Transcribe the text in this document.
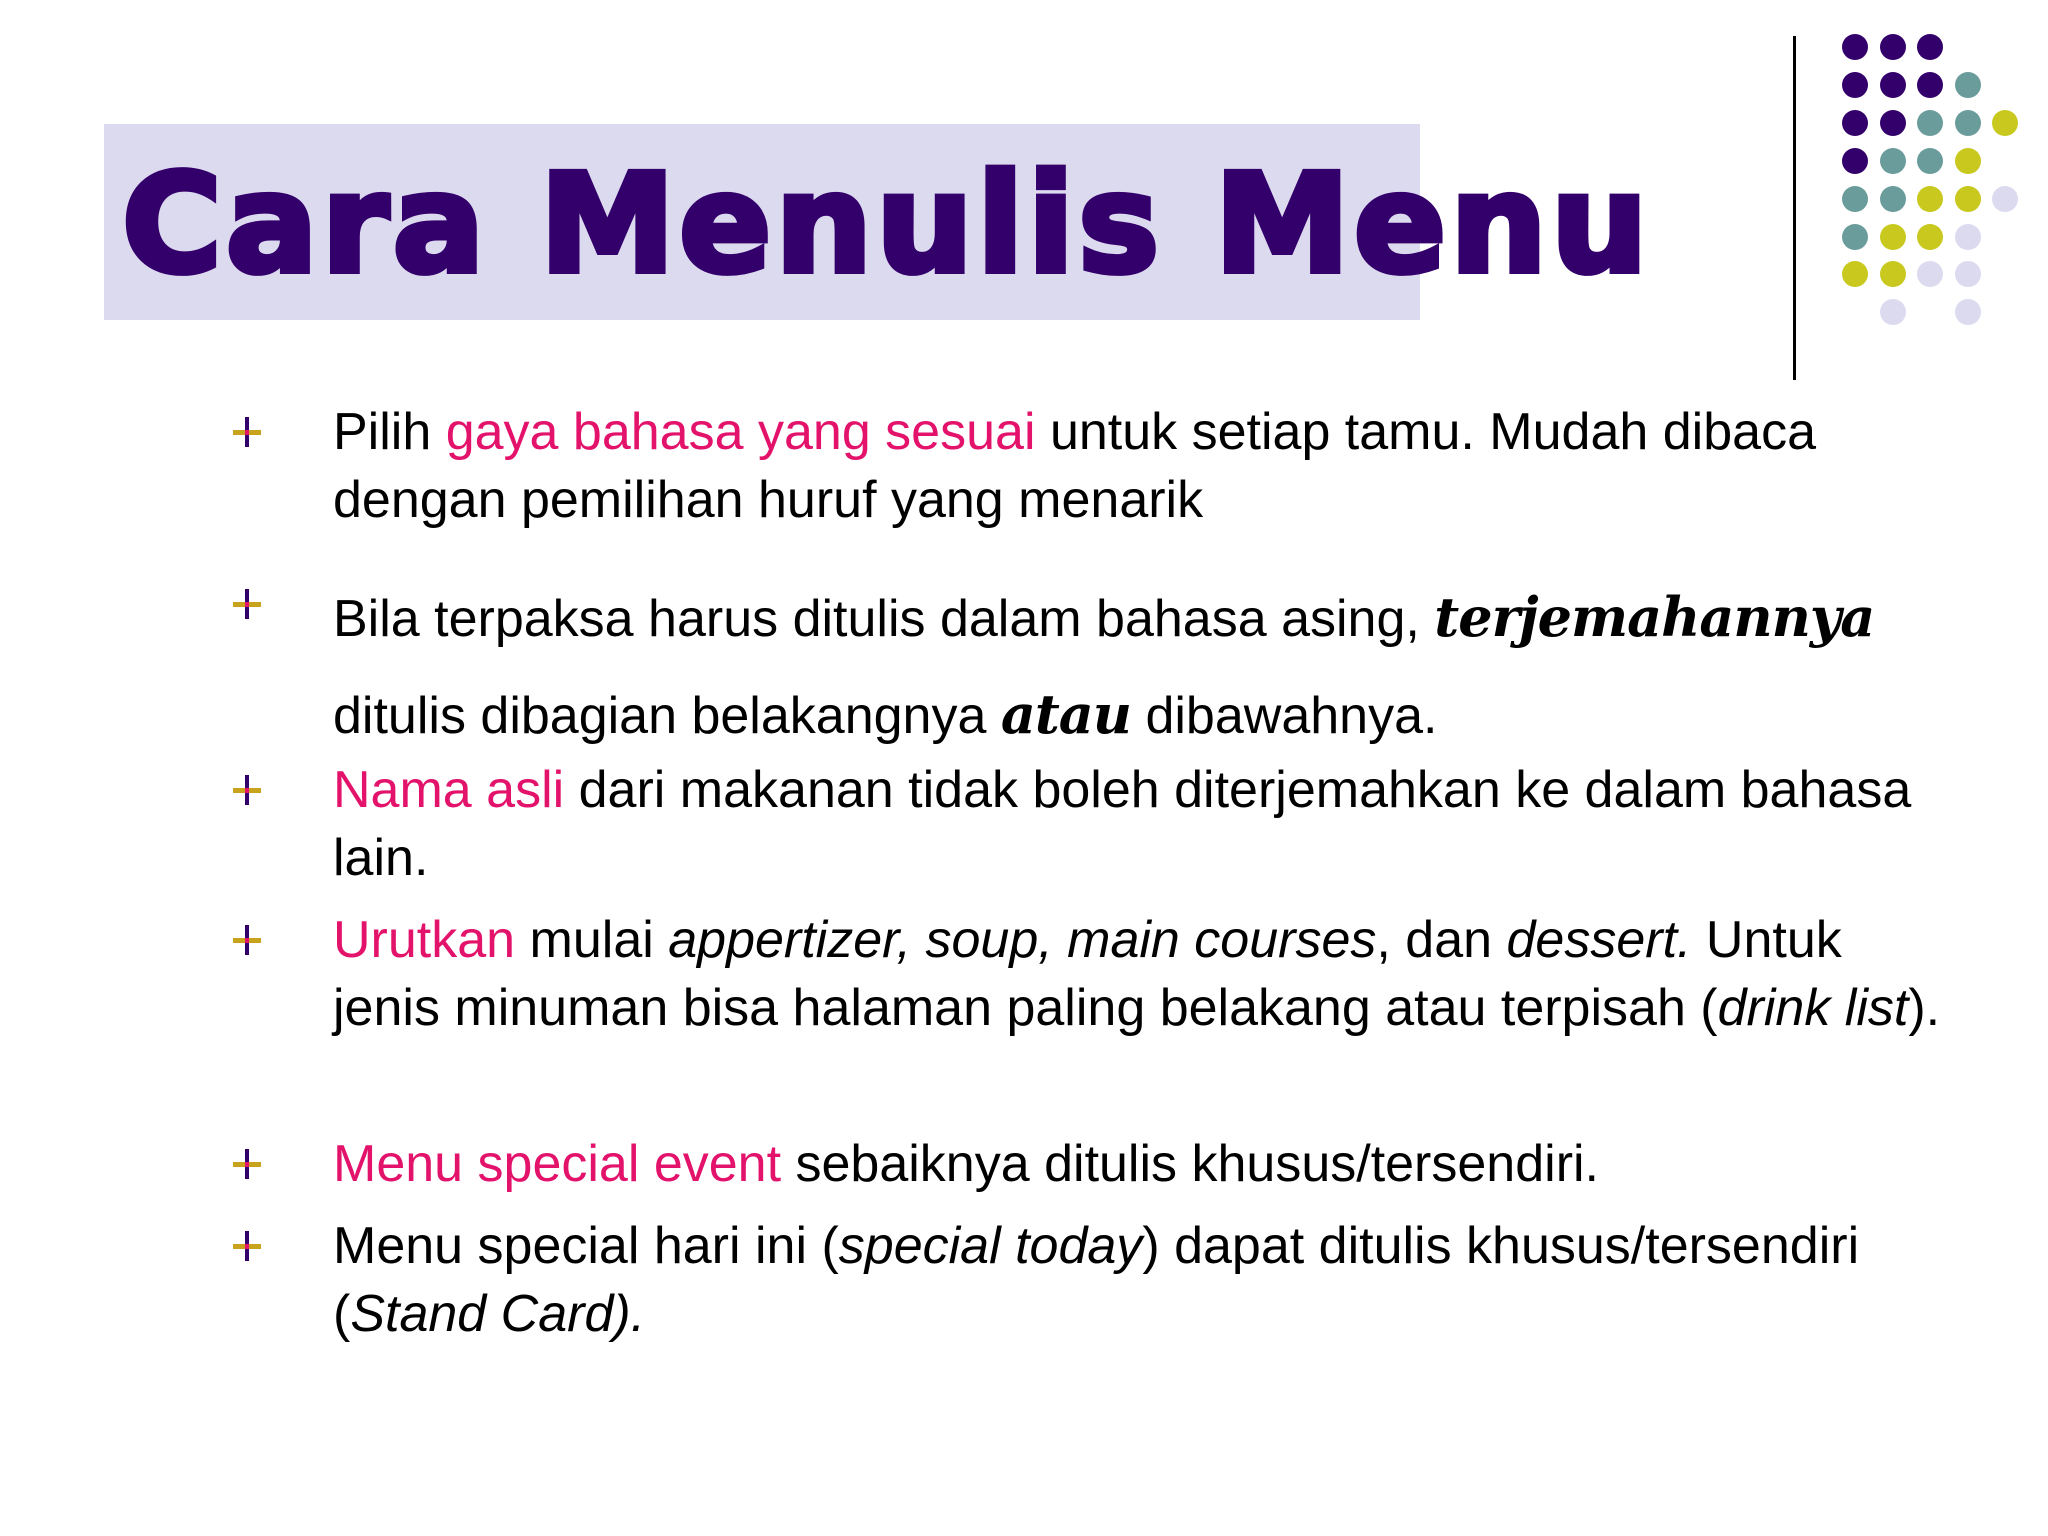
Cara Menulis Menu

Pilih gaya bahasa yang sesuai untuk setiap tamu. Mudah dibaca dengan pemilihan huruf yang menarik

Bila terpaksa harus ditulis dalam bahasa asing, terjemahannya ditulis dibagian belakangnya atau dibawahnya.

Nama asli dari makanan tidak boleh diterjemahkan ke dalam bahasa lain.

Urutkan mulai appertizer, soup, main courses, dan dessert. Untuk jenis minuman bisa halaman paling belakang atau terpisah (drink list).

Menu special event sebaiknya ditulis khusus/tersendiri.

Menu special hari ini (special today) dapat ditulis khusus/tersendiri (Stand Card).
